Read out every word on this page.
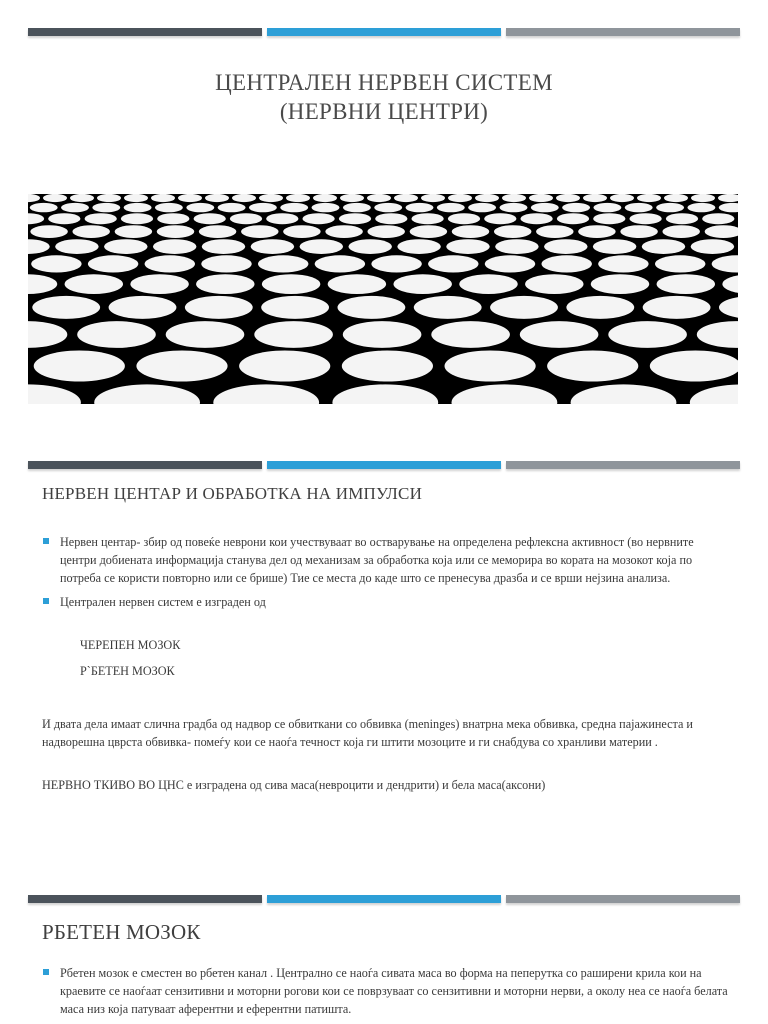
ЦЕНТРАЛЕН НЕРВЕН СИСТЕМ
(НЕРВНИ ЦЕНТРИ)
НЕРВЕН ЦЕНТАР И ОБРАБОТКА НА ИМПУЛСИ
Нервен центар- збир од повеќе неврони кои учествуваат во остварување на определена рефлексна активност (во нервните центри добиената информација станува дел од механизам за обработка која или се меморира во кората на мозокот која по потреба се користи повторно или се брише) Тие се места до каде што се пренесува дразба и се врши нејзина анализа.
Централен нервен систем е изграден од
ЧЕРЕПЕН МОЗОК
Р`БЕТЕН МОЗОК

И двата дела имаат слична градба од надвор се обвиткани со обвивка (meninges) внатрна мека обвивка, средна пајажинеста и надворешна цврста обвивка- помеѓу кои се наоѓа течност која ги штити мозоците и ги снабдува со хранливи материи .

НЕРВНО ТКИВО ВО ЦНС е изградена од сива маса(невроцити и дендрити) и бела маса(аксони)

РБЕТЕН МОЗОК
Рбетен мозок е сместен во рбетен канал . Централно се наоѓа сивата маса во форма на пеперутка со раширени крила кои на краевите се наоѓаат сензитивни и моторни рогови кои се поврзуваат со сензитивни и моторни нерви, а околу неа се наоѓа белата маса низ која патуваат аферентни и еферентни патишта.
